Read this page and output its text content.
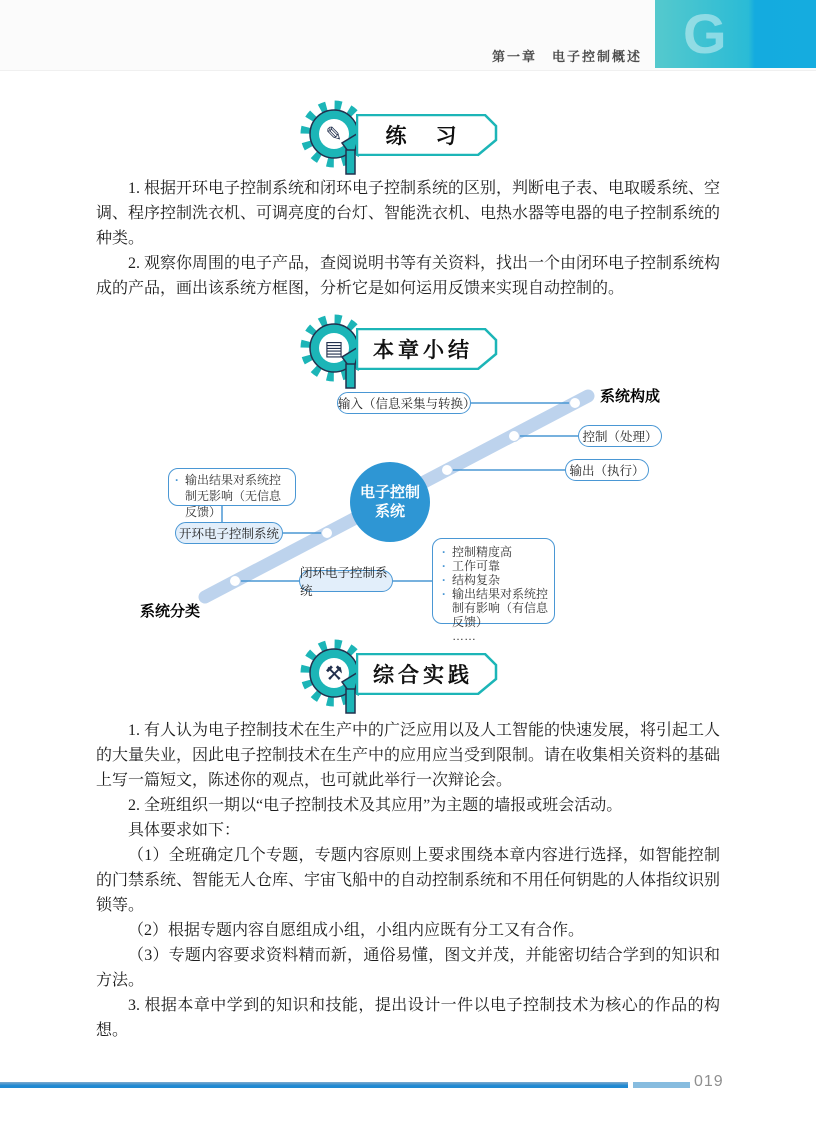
第一章　电子控制概述 G
✎	练　习

1. 根据开环电子控制系统和闭环电子控制系统的区别，判断电子表、电取暖系统、空调、程序控制洗衣机、可调亮度的台灯、智能洗衣机、电热水器等电器的电子控制系统的种类。

2. 观察你周围的电子产品，查阅说明书等有关资料，找出一个由闭环电子控制系统构成的产品，画出该系统方框图，分析它是如何运用反馈来实现自动控制的。

▤	本章小结
系统构成
系统分类
输入（信息采集与转换）
控制（处理）
输出（执行）
开环电子控制系统
闭环电子控制系统
· 输出结果对系统控制无影响（无信息反馈）
· 控制精度高
· 工作可靠
· 结构复杂
· 输出结果对系统控制有影响（有信息反馈）
……
电子控制
系统
⚒	综合实践

1. 有人认为电子控制技术在生产中的广泛应用以及人工智能的快速发展，将引起工人的大量失业，因此电子控制技术在生产中的应用应当受到限制。请在收集相关资料的基础上写一篇短文，陈述你的观点，也可就此举行一次辩论会。

2. 全班组织一期以“电子控制技术及其应用”为主题的墙报或班会活动。

具体要求如下：

（1）全班确定几个专题，专题内容原则上要求围绕本章内容进行选择，如智能控制的门禁系统、智能无人仓库、宇宙飞船中的自动控制系统和不用任何钥匙的人体指纹识别锁等。

（2）根据专题内容自愿组成小组，小组内应既有分工又有合作。

（3）专题内容要求资料精而新，通俗易懂，图文并茂，并能密切结合学到的知识和方法。

3. 根据本章中学到的知识和技能，提出设计一件以电子控制技术为核心的作品的构想。

019
